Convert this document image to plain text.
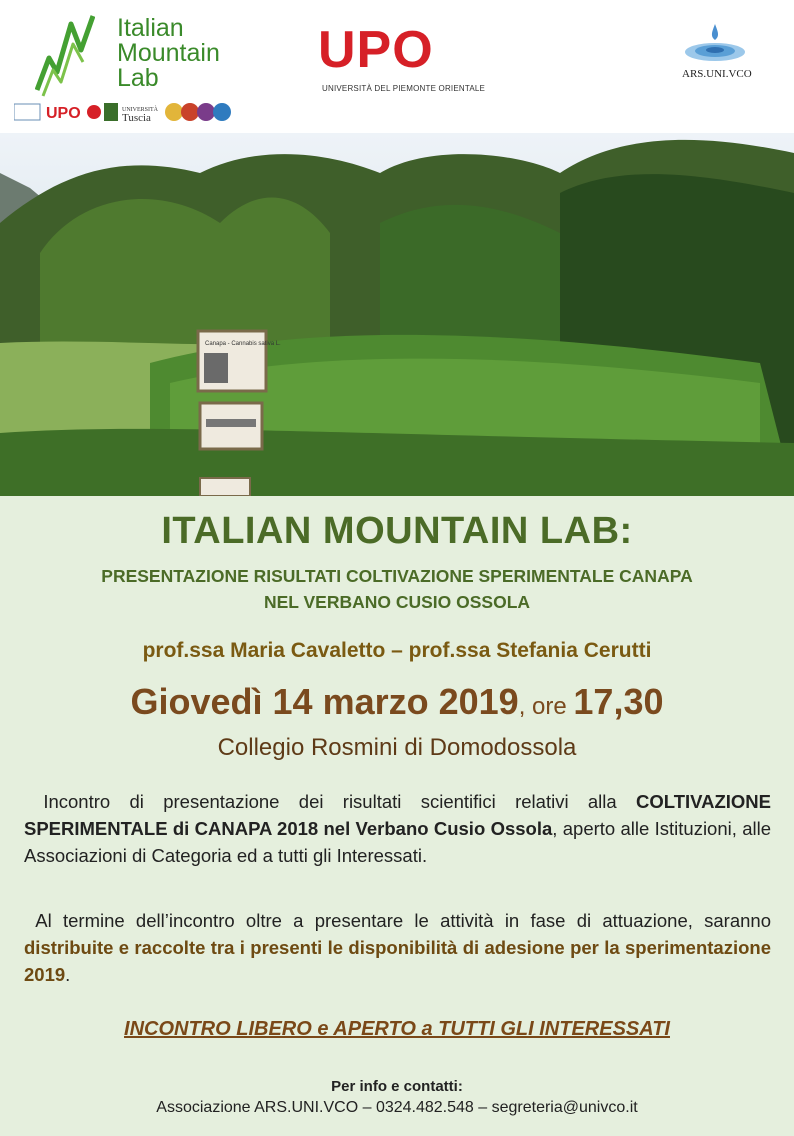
Italian
Mountain
Lab
UPO	UNIVERSITÀ
Tuscia
UPO
UNIVERSITÀ DEL PIEMONTE ORIENTALE
ARS.UNI.VCO
Canapa - Cannabis sativa L.
ITALIAN MOUNTAIN LAB:
PRESENTAZIONE RISULTATI COLTIVAZIONE SPERIMENTALE CANAPA
NEL VERBANO CUSIO OSSOLA
prof.ssa Maria Cavaletto – prof.ssa Stefania Cerutti
Giovedì 14 marzo 2019, ore 17,30
Collegio Rosmini di Domodossola
Incontro di presentazione dei risultati scientifici relativi alla COLTIVAZIONE SPERIMENTALE di CANAPA 2018 nel Verbano Cusio Ossola, aperto alle Istituzioni, alle Associazioni di Categoria ed a tutti gli Interessati.
Al termine dell’incontro oltre a presentare le attività in fase di attuazione, saranno distribuite e raccolte tra i presenti le disponibilità di adesione per la sperimentazione 2019.
INCONTRO LIBERO e APERTO a TUTTI GLI INTERESSATI
Per info e contatti:
Associazione ARS.UNI.VCO – 0324.482.548 – segreteria@univco.it
